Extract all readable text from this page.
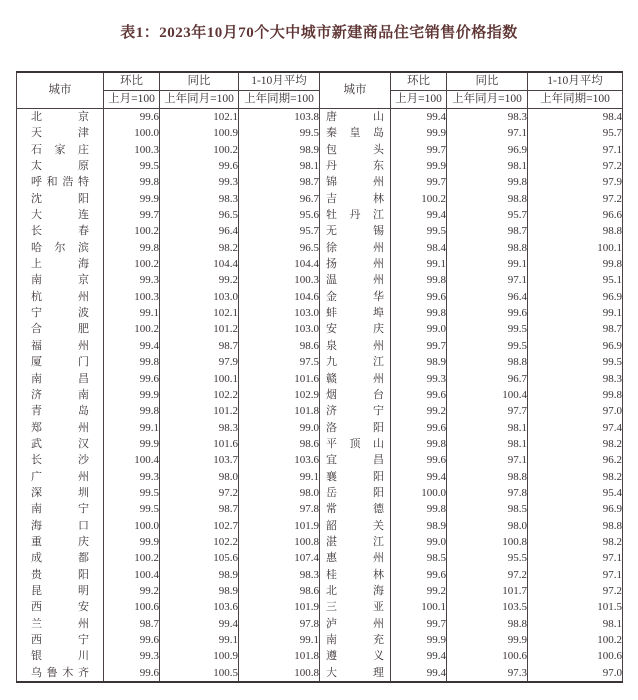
表1：2023年10月70个大中城市新建商品住宅销售价格指数
城市	环比	同比	1-10月平均	城市	环比	同比	1-10月平均
	上月=100	上年同月=100	上年同期=100		上月=100	上年同月=100	上年同期=100

北京	99.6	102.1	103.8	唐山	99.4	98.3	98.4

天津	100.0	100.9	99.5	秦皇岛	99.9	97.1	95.7

石家庄	100.3	100.2	98.9	包头	99.7	96.9	97.1

太原	99.5	99.6	98.1	丹东	99.9	98.1	97.2

呼和浩特	99.8	99.3	98.7	锦州	99.7	99.8	97.9

沈阳	99.9	98.3	96.7	吉林	100.2	98.8	97.2

大连	99.7	96.5	95.6	牡丹江	99.4	95.7	96.6

长春	100.2	96.4	95.7	无锡	99.5	98.7	98.8

哈尔滨	99.8	98.2	96.5	徐州	98.4	98.8	100.1

上海	100.2	104.4	104.4	扬州	99.1	99.1	99.8

南京	99.3	99.2	100.3	温州	99.8	97.1	95.1

杭州	100.3	103.0	104.6	金华	99.6	96.4	96.9

宁波	99.1	102.1	103.0	蚌埠	99.8	99.6	99.1

合肥	100.2	101.2	103.0	安庆	99.0	99.5	98.7

福州	99.4	98.7	98.6	泉州	99.7	99.5	96.9

厦门	99.8	97.9	97.5	九江	98.9	98.8	99.5

南昌	99.6	100.1	101.6	赣州	99.3	96.7	98.3

济南	99.9	102.2	102.9	烟台	99.6	100.4	99.8

青岛	99.8	101.2	101.8	济宁	99.2	97.7	97.0

郑州	99.1	98.3	99.0	洛阳	99.6	98.1	97.4

武汉	99.9	101.6	98.6	平顶山	99.8	98.1	98.2

长沙	100.4	103.7	103.6	宜昌	99.6	97.1	96.2

广州	99.3	98.0	99.1	襄阳	99.4	98.8	98.2

深圳	99.5	97.2	98.0	岳阳	100.0	97.8	95.4

南宁	99.5	98.7	97.8	常德	99.8	98.5	96.9

海口	100.0	102.7	101.9	韶关	98.9	98.0	98.8

重庆	99.9	102.2	100.8	湛江	99.0	100.8	98.2

成都	100.2	105.6	107.4	惠州	98.5	95.5	97.1

贵阳	100.4	98.9	98.3	桂林	99.6	97.2	97.1

昆明	99.2	98.9	98.6	北海	99.2	101.7	97.2

西安	100.6	103.6	101.9	三亚	100.1	103.5	101.5

兰州	98.7	99.4	97.8	泸州	99.7	98.8	98.1

西宁	99.6	99.1	99.1	南充	99.9	99.9	100.2

银川	99.3	100.9	101.8	遵义	99.4	100.6	100.6

乌鲁木齐	99.6	100.5	100.8	大理	99.4	97.3	97.0
